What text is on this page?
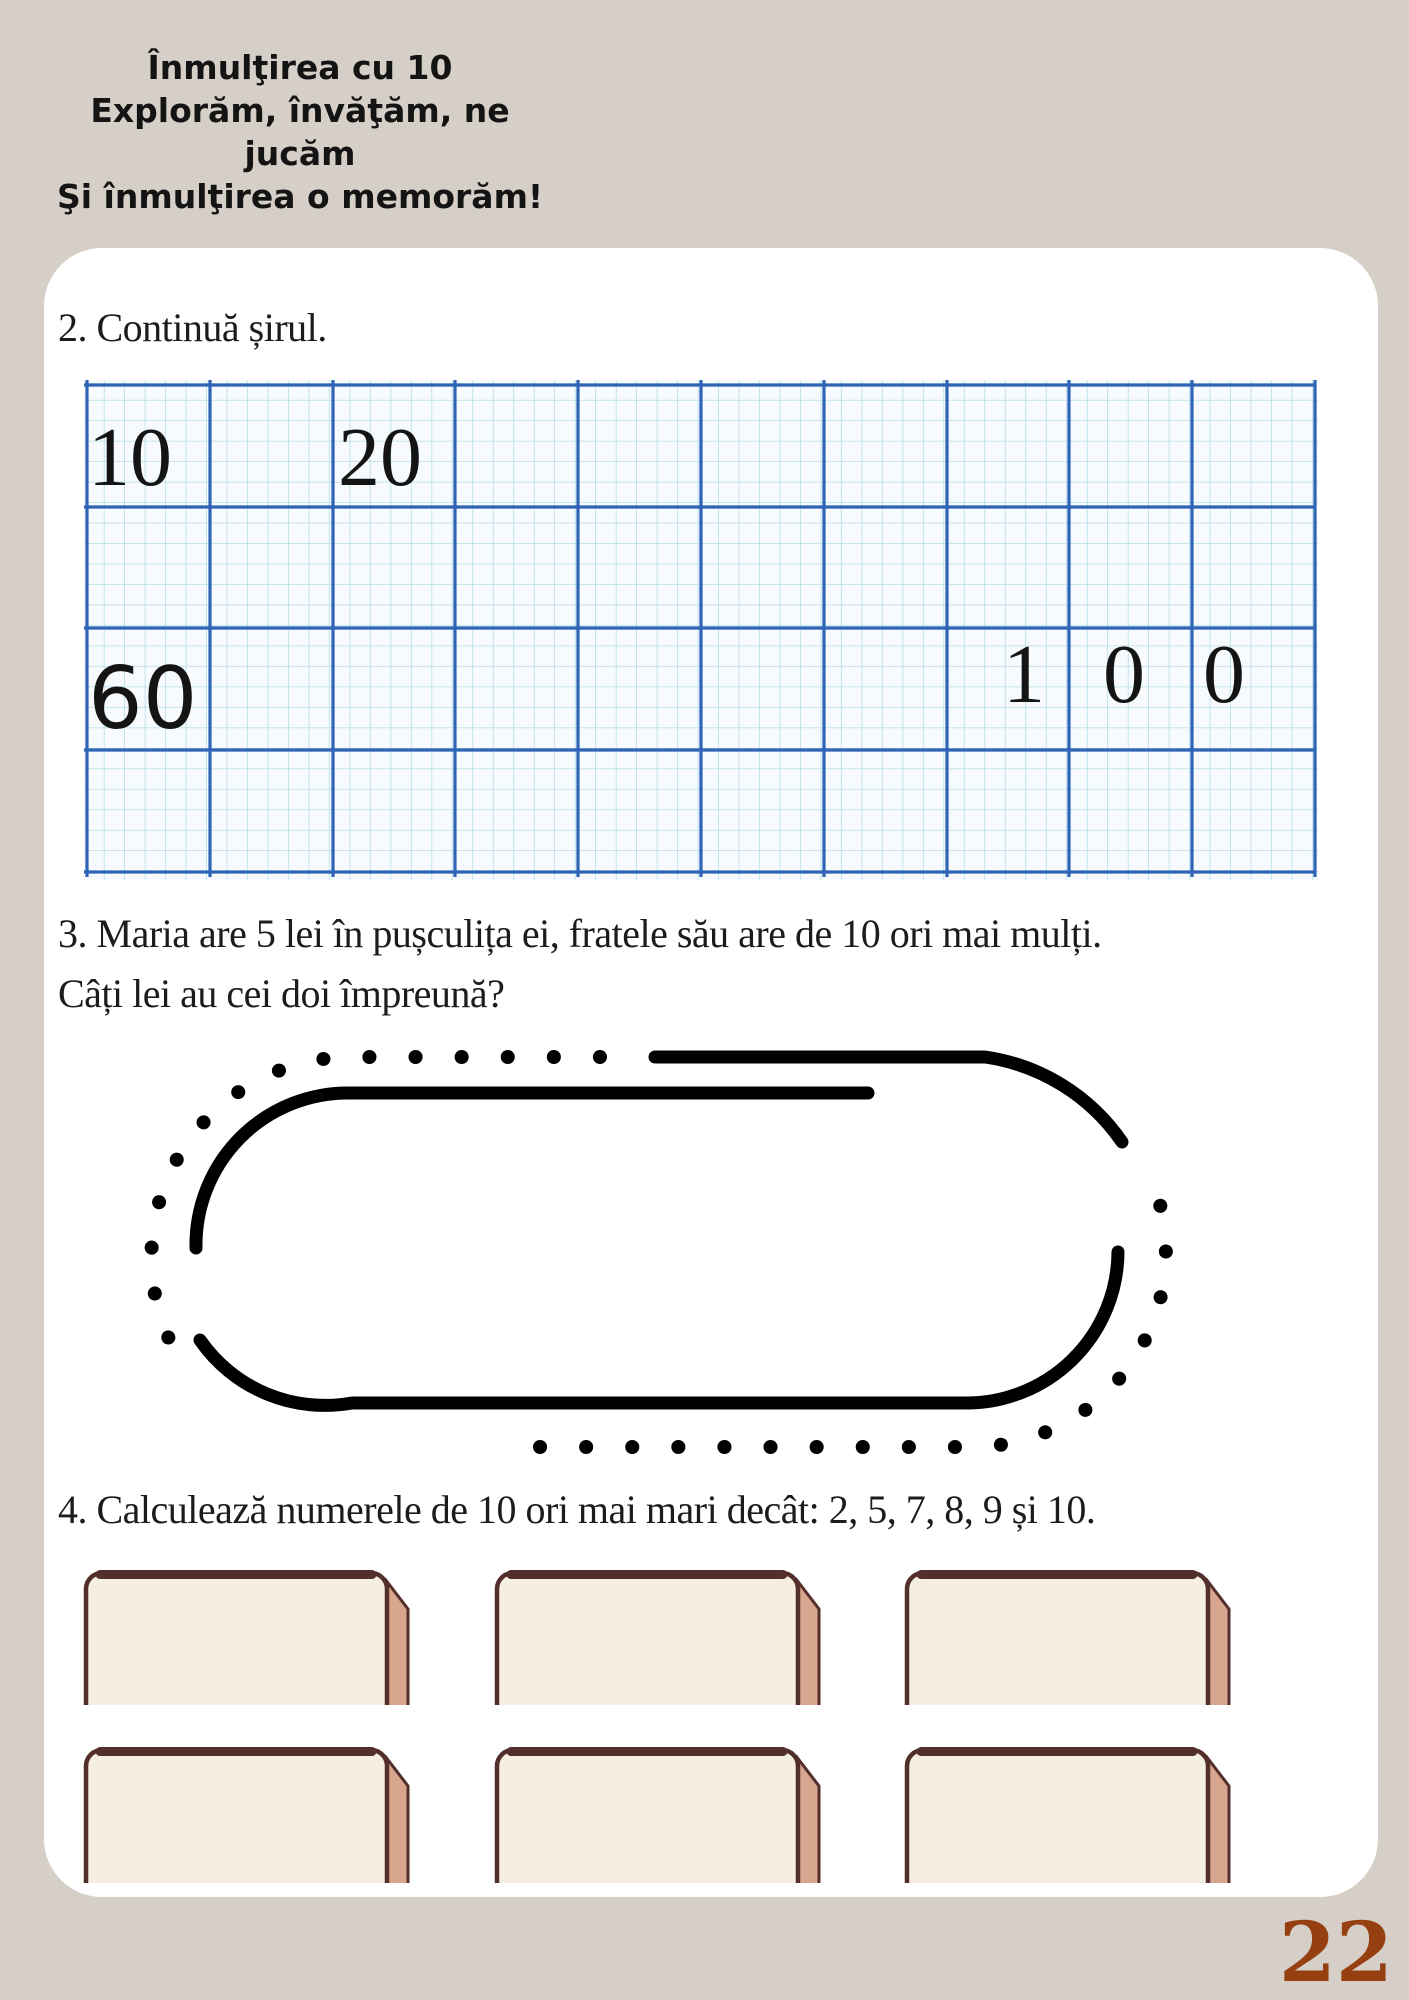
Înmulţirea cu 10
Explorăm, învăţăm, ne jucăm
Şi înmulţirea o memorăm!
2. Continuă șirul.
10 20
60	100
3. Maria are 5 lei în pușculița ei, fratele său are de 10 ori mai mulți.
Câți lei au cei doi împreună?
4. Calculează numerele de 10 ori mai mari decât: 2, 5, 7, 8, 9 și 10.
22
